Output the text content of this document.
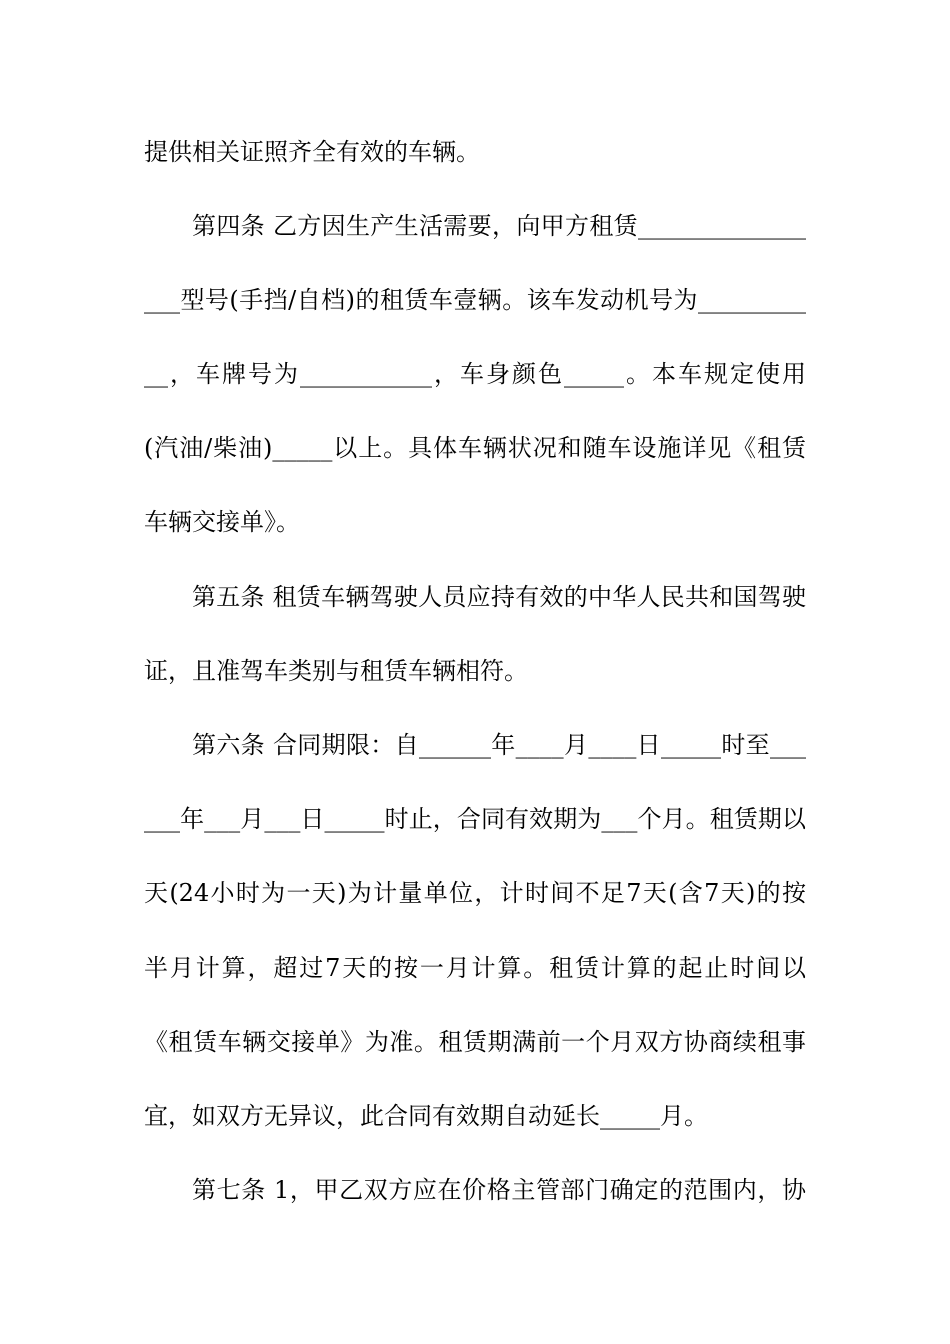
提供相关证照齐全有效的车辆。
第四条 乙方因生产生活需要，向甲方租赁______________
___型号(手挡/自档)的租赁车壹辆。该车发动机号为_________
__，车牌号为___________，车身颜色_____。本车规定使用
(汽油/柴油)_____以上。具体车辆状况和随车设施详见《租赁
车辆交接单》。
第五条 租赁车辆驾驶人员应持有效的中华人民共和国驾驶
证，且准驾车类别与租赁车辆相符。
第六条 合同期限：自______年____月____日_____时至___
___年___月___日_____时止，合同有效期为___个月。租赁期以
天(24小时为一天)为计量单位，计时间不足7天(含7天)的按
半月计算，超过7天的按一月计算。租赁计算的起止时间以
《租赁车辆交接单》为准。租赁期满前一个月双方协商续租事
宜，如双方无异议，此合同有效期自动延长_____月。
第七条 1，甲乙双方应在价格主管部门确定的范围内，协
